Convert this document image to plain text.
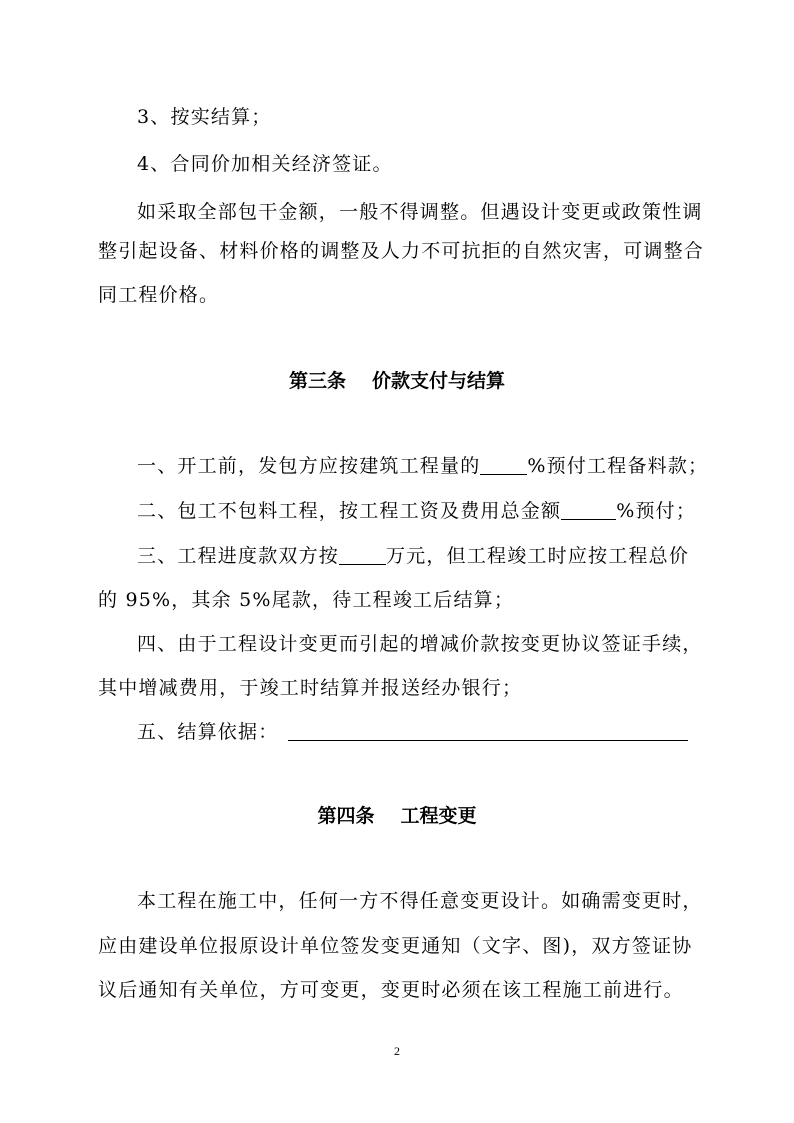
3、按实结算；
4、合同价加相关经济签证。
如采取全部包干金额，一般不得调整。但遇设计变更或政策性调
整引起设备、材料价格的调整及人力不可抗拒的自然灾害，可调整合
同工程价格。
第三条 价款支付与结算
一、开工前，发包方应按建筑工程量的 %预付工程备料款；
二、包工不包料工程，按工程工资及费用总金额	%预付；
三、工程进度款双方按 万元，但工程竣工时应按工程总价
的 95%，其余 5%尾款，待工程竣工后结算；
四、由于工程设计变更而引起的增减价款按变更协议签证手续，
其中增减费用，于竣工时结算并报送经办银行；
五、结算依据：
第四条 工程变更
本工程在施工中，任何一方不得任意变更设计。如确需变更时，
应由建设单位报原设计单位签发变更通知（文字、图)，双方签证协
议后通知有关单位，方可变更，变更时必须在该工程施工前进行。
2
